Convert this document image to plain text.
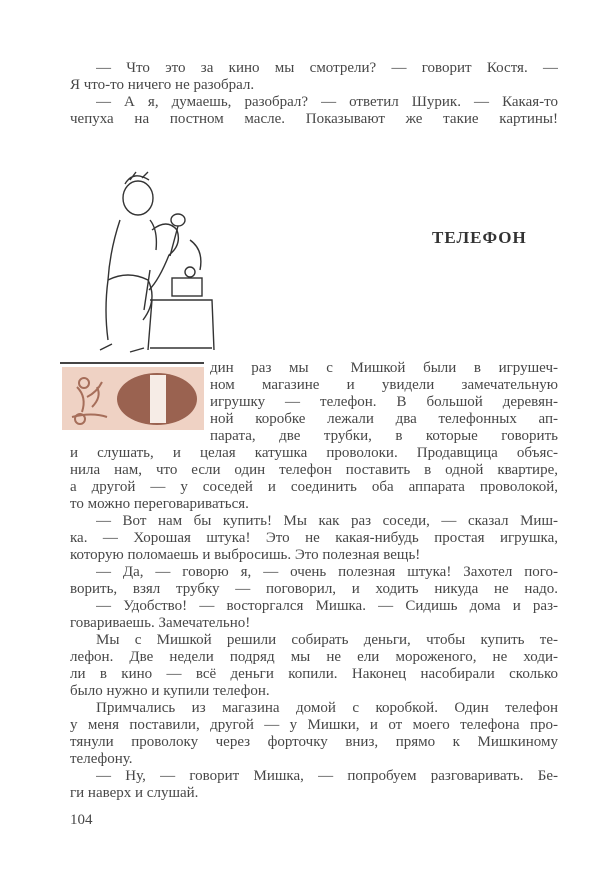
— Что это за кино мы смотрели? — говорит Костя. —
Я что-то ничего не разобрал.
— А я, думаешь, разобрал? — ответил Шурик. — Какая-то
чепуха на постном масле. Показывают же такие картины!
ТЕЛЕФОН
дин раз мы с Мишкой были в игрушеч-
ном магазине и увидели замечательную
игрушку — телефон. В большой деревян-
ной коробке лежали два телефонных ап-
парата, две трубки, в которые говорить
и слушать, и целая катушка проволоки. Продавщица объяс-
нила нам, что если один телефон поставить в одной квартире,
а другой — у соседей и соединить оба аппарата проволокой,
то можно переговариваться.
— Вот нам бы купить! Мы как раз соседи, — сказал Миш-
ка. — Хорошая штука! Это не какая-нибудь простая игрушка,
которую поломаешь и выбросишь. Это полезная вещь!
— Да, — говорю я, — очень полезная штука! Захотел пого-
ворить, взял трубку — поговорил, и ходить никуда не надо.
— Удобство! — восторгался Мишка. — Сидишь дома и раз-
говариваешь. Замечательно!
Мы с Мишкой решили собирать деньги, чтобы купить те-
лефон. Две недели подряд мы не ели мороженого, не ходи-
ли в кино — всё деньги копили. Наконец насобирали сколько
было нужно и купили телефон.
Примчались из магазина домой с коробкой. Один телефон
у меня поставили, другой — у Мишки, и от моего телефона про-
тянули проволоку через форточку вниз, прямо к Мишкиному
телефону.
— Ну, — говорит Мишка, — попробуем разговаривать. Бе-
ги наверх и слушай.
104
